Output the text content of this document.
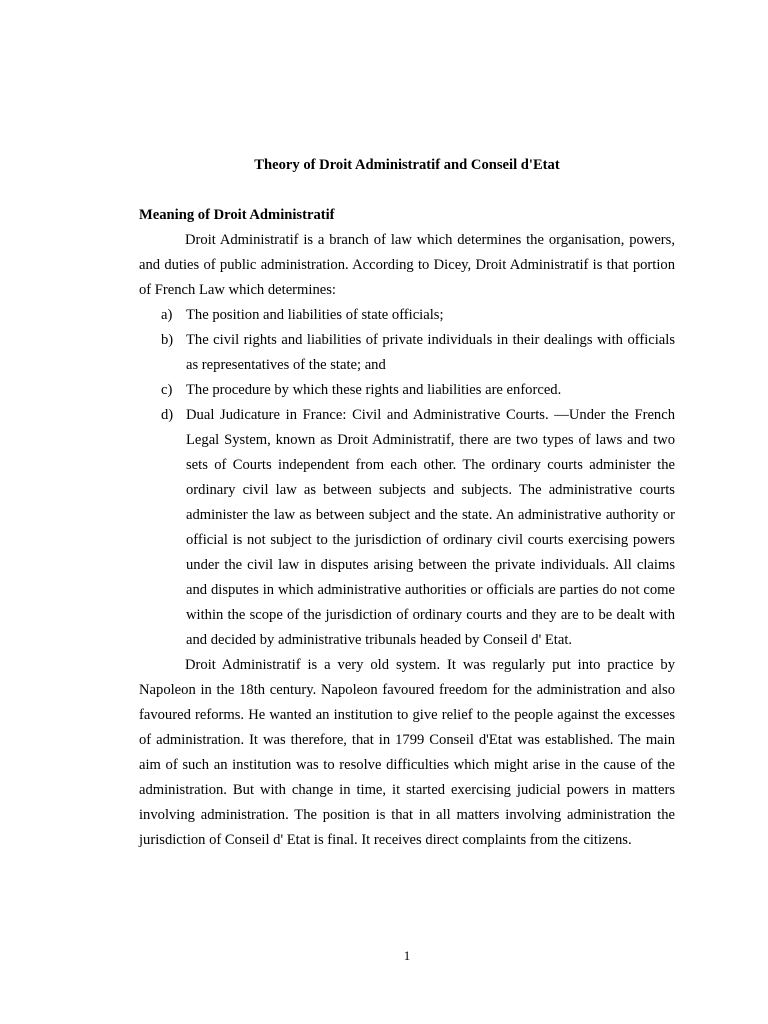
Theory of Droit Administratif and Conseil d'Etat

Meaning of Droit Administratif

Droit Administratif is a branch of law which determines the organisation, powers, and duties of public administration. According to Dicey, Droit Administratif is that portion of French Law which determines:

a) The position and liabilities of state officials;
b) The civil rights and liabilities of private individuals in their dealings with officials as representatives of the state; and
c) The procedure by which these rights and liabilities are enforced.
d) Dual Judicature in France: Civil and Administrative Courts. —Under the French Legal System, known as Droit Administratif, there are two types of laws and two sets of Courts independent from each other. The ordinary courts administer the ordinary civil law as between subjects and subjects. The administrative courts administer the law as between subject and the state. An administrative authority or official is not subject to the jurisdiction of ordinary civil courts exercising powers under the civil law in disputes arising between the private individuals. All claims and disputes in which administrative authorities or officials are parties do not come within the scope of the jurisdiction of ordinary courts and they are to be dealt with and decided by administrative tribunals headed by Conseil d' Etat.

Droit Administratif is a very old system. It was regularly put into practice by Napoleon in the 18th century. Napoleon favoured freedom for the administration and also favoured reforms. He wanted an institution to give relief to the people against the excesses of administration. It was therefore, that in 1799 Conseil d'Etat was established. The main aim of such an institution was to resolve difficulties which might arise in the cause of the administration. But with change in time, it started exercising judicial powers in matters involving administration. The position is that in all matters involving administration the jurisdiction of Conseil d' Etat is final. It receives direct complaints from the citizens.

1
